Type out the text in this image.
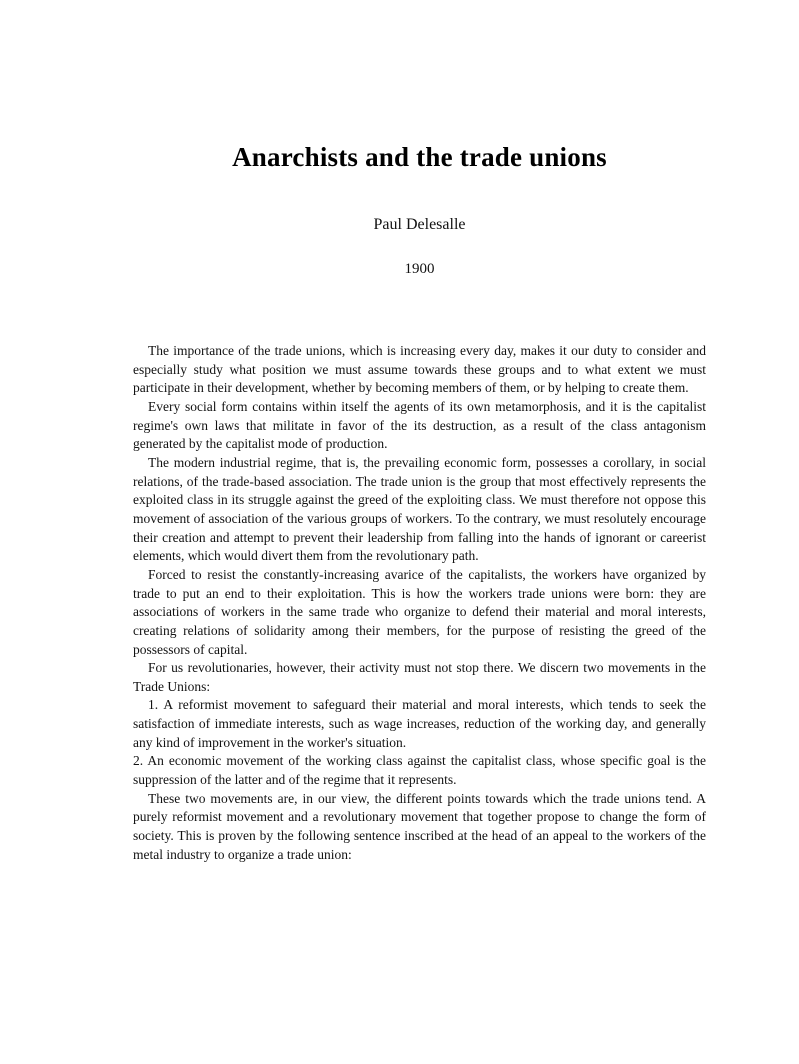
Anarchists and the trade unions
Paul Delesalle
1900

The importance of the trade unions, which is increasing every day, makes it our duty to consider and especially study what position we must assume towards these groups and to what extent we must participate in their development, whether by becoming members of them, or by helping to create them.

Every social form contains within itself the agents of its own metamorphosis, and it is the capitalist regime's own laws that militate in favor of the its destruction, as a result of the class antagonism generated by the capitalist mode of production.

The modern industrial regime, that is, the prevailing economic form, possesses a corollary, in social relations, of the trade-based association. The trade union is the group that most effectively represents the exploited class in its struggle against the greed of the exploiting class. We must therefore not oppose this movement of association of the various groups of workers. To the contrary, we must resolutely encourage their creation and attempt to prevent their leadership from falling into the hands of ignorant or careerist elements, which would divert them from the revolutionary path.

Forced to resist the constantly-increasing avarice of the capitalists, the workers have organized by trade to put an end to their exploitation. This is how the workers trade unions were born: they are associations of workers in the same trade who organize to defend their material and moral interests, creating relations of solidarity among their members, for the purpose of resisting the greed of the possessors of capital.

For us revolutionaries, however, their activity must not stop there. We discern two movements in the Trade Unions:

1. A reformist movement to safeguard their material and moral interests, which tends to seek the satisfaction of immediate interests, such as wage increases, reduction of the working day, and generally any kind of improvement in the worker's situation.

2. An economic movement of the working class against the capitalist class, whose specific goal is the suppression of the latter and of the regime that it represents.

These two movements are, in our view, the different points towards which the trade unions tend. A purely reformist movement and a revolutionary movement that together propose to change the form of society. This is proven by the following sentence inscribed at the head of an appeal to the workers of the metal industry to organize a trade union:
